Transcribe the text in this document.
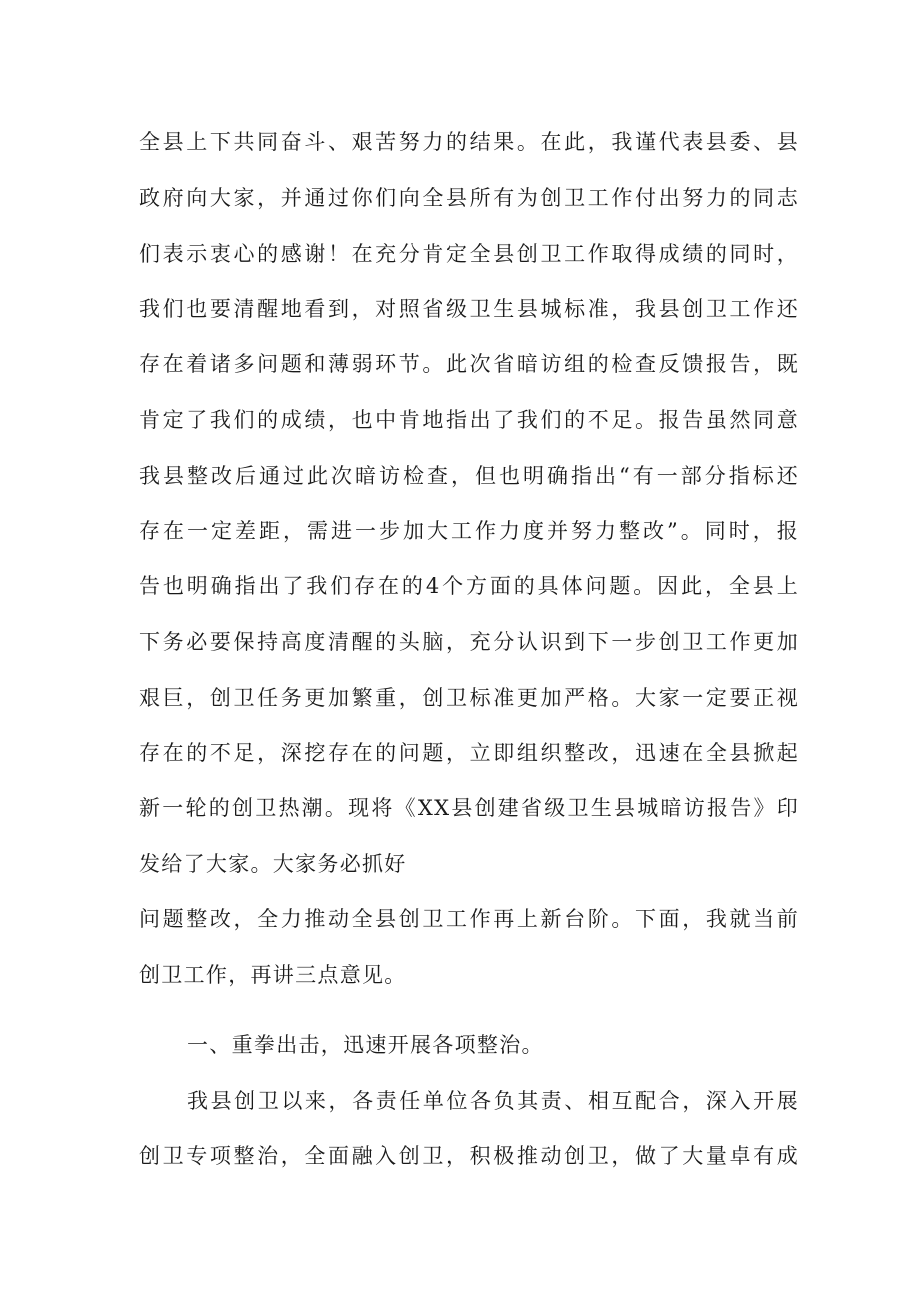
全县上下共同奋斗、艰苦努力的结果。在此，我谨代表县委、县
政府向大家，并通过你们向全县所有为创卫工作付出努力的同志
们表示衷心的感谢！在充分肯定全县创卫工作取得成绩的同时，
我们也要清醒地看到，对照省级卫生县城标准，我县创卫工作还
存在着诸多问题和薄弱环节。此次省暗访组的检查反馈报告，既
肯定了我们的成绩，也中肯地指出了我们的不足。报告虽然同意
我县整改后通过此次暗访检查，但也明确指出“有一部分指标还
存在一定差距，需进一步加大工作力度并努力整改”。同时，报
告也明确指出了我们存在的4个方面的具体问题。因此，全县上
下务必要保持高度清醒的头脑，充分认识到下一步创卫工作更加
艰巨，创卫任务更加繁重，创卫标准更加严格。大家一定要正视
存在的不足，深挖存在的问题，立即组织整改，迅速在全县掀起
新一轮的创卫热潮。现将《XX县创建省级卫生县城暗访报告》印
发给了大家。大家务必抓好
问题整改，全力推动全县创卫工作再上新台阶。下面，我就当前
创卫工作，再讲三点意见。
一、重拳出击，迅速开展各项整治。
我县创卫以来，各责任单位各负其责、相互配合，深入开展
创卫专项整治，全面融入创卫，积极推动创卫，做了大量卓有成
